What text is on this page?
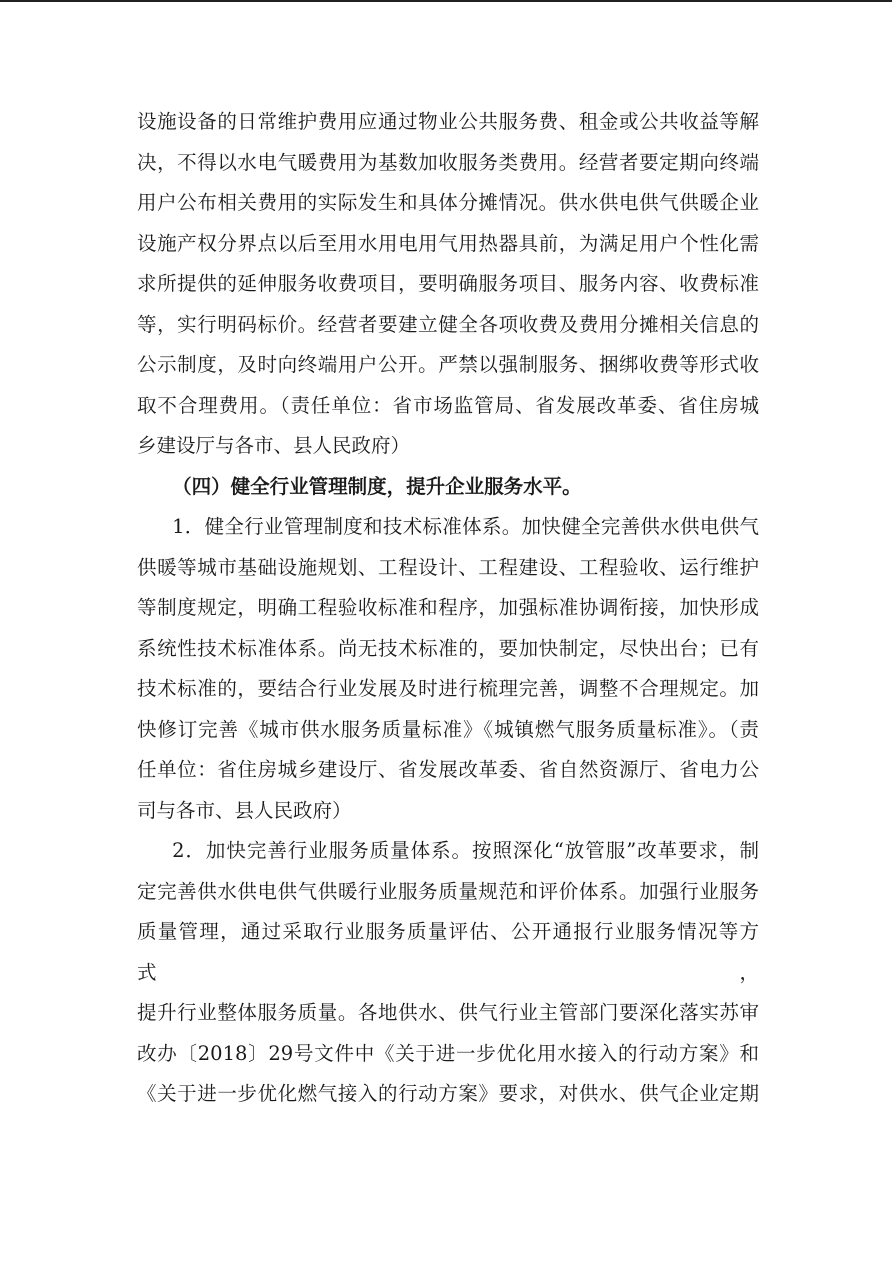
设施设备的日常维护费用应通过物业公共服务费、租金或公共收益等解

决，不得以水电气暖费用为基数加收服务类费用。经营者要定期向终端

用户公布相关费用的实际发生和具体分摊情况。供水供电供气供暖企业

设施产权分界点以后至用水用电用气用热器具前，为满足用户个性化需

求所提供的延伸服务收费项目，要明确服务项目、服务内容、收费标准

等，实行明码标价。经营者要建立健全各项收费及费用分摊相关信息的

公示制度，及时向终端用户公开。严禁以强制服务、捆绑收费等形式收

取不合理费用。（责任单位：省市场监管局、省发展改革委、省住房城

乡建设厅与各市、县人民政府）

（四）健全行业管理制度，提升企业服务水平。

1．健全行业管理制度和技术标准体系。加快健全完善供水供电供气

供暖等城市基础设施规划、工程设计、工程建设、工程验收、运行维护

等制度规定，明确工程验收标准和程序，加强标准协调衔接，加快形成

系统性技术标准体系。尚无技术标准的，要加快制定，尽快出台；已有

技术标准的，要结合行业发展及时进行梳理完善，调整不合理规定。加

快修订完善《城市供水服务质量标准》《城镇燃气服务质量标准》。（责

任单位：省住房城乡建设厅、省发展改革委、省自然资源厅、省电力公

司与各市、县人民政府）

2．加快完善行业服务质量体系。按照深化“放管服”改革要求，制

定完善供水供电供气供暖行业服务质量规范和评价体系。加强行业服务

质量管理，通过采取行业服务质量评估、公开通报行业服务情况等方式，

提升行业整体服务质量。各地供水、供气行业主管部门要深化落实苏审

改办〔2018〕29号文件中《关于进一步优化用水接入的行动方案》和

《关于进一步优化燃气接入的行动方案》要求，对供水、供气企业定期
